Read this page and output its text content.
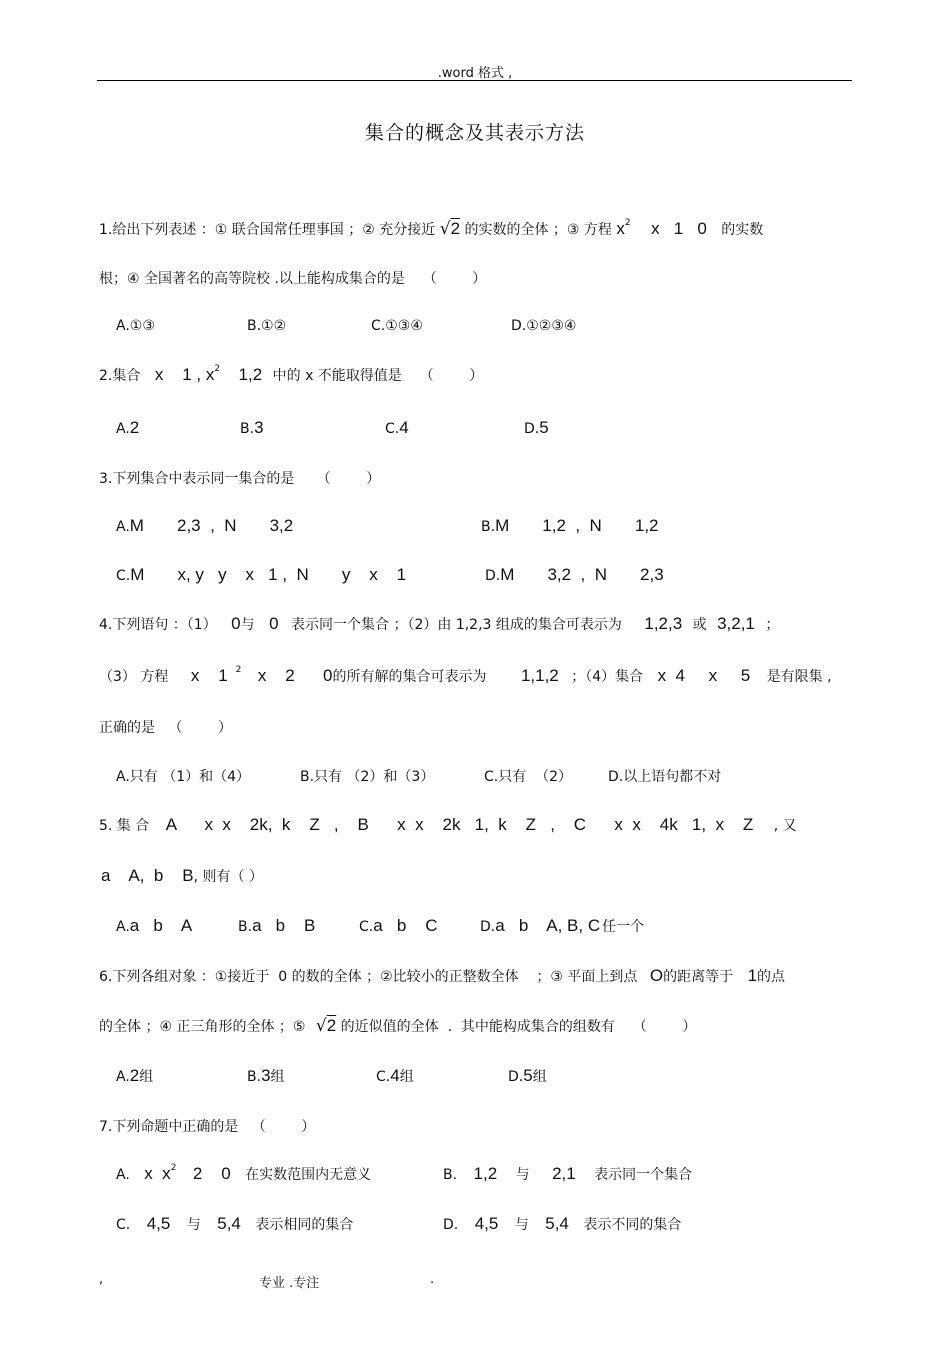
.word 格式 ,
集合的概念及其表示方法
1.给出下列表述 ：① 联合国常任理事国 ；② 充分接近 √2 的实数的全体 ；③ 方程 $x^2$ x   1   0 的实数
根；④ 全国著名的高等院校 .以上能构成集合的是    （        ）
A.①③	B.①②	C.①③④	D.①②③④
2.集合 x    1 , $x^2$ 1,2 中的 x 不能取得值是    （        ）
A.2	B.3	C.4	D.5
3.下列集合中表示同一集合的是     （        ）
A.M       2,3  ,  N       3,2	B.M       1,2  ,  N       1,2
C.M       x, y   y    x   1 ,  N       y    x    1	D.M       3,2  ,  N       2,3
4.下列语句 ：（1） 0与 0 表示同一个集合 ；（2）由 1,2,3 组成的集合可表示为 1,2,3 或 3,2,1 ；
（3） 方程 x    1 $^2$ x    2      0的所有解的集合可表示为 1,1,2 ；（4）集合 x  4     x     5 是有限集 ,
正确的是   （        ）
A.只有 （1）和（4）	B.只有 （2）和（3）	C.只有  （2）	D.以上语句都不对
5. 集 合 A      x  x    2k,  k    Z   ,    B      x  x    2k   1,  k    Z   ,    C      x  x    4k   1,  x    Z , 又
a    A,  b    B, 则有（ ）
A.a   b    A	B.a   b    B	C.a   b    C	D.a   b    A, B, C 任一个
6.下列各组对象 ：①接近于  0 的数的全体 ；②比较小的正整数全体    ；③ 平面上到点 O的距离等于 1的点
的全体 ；④ 正三角形的全体 ；⑤ √2 的近似值的全体  .  其中能构成集合的组数有    （        ）
A.2组	B.3组	C.4组	D.5组
7.下列命题中正确的是   （        ）
A. x  $x^2$ 2    0 在实数范围内无意义	B. 1,2 与 2,1 表示同一个集合
C. 4,5 与 5,4 表示相同的集合	D. 4,5 与 5,4 表示不同的集合
,	专业 .专注	.
